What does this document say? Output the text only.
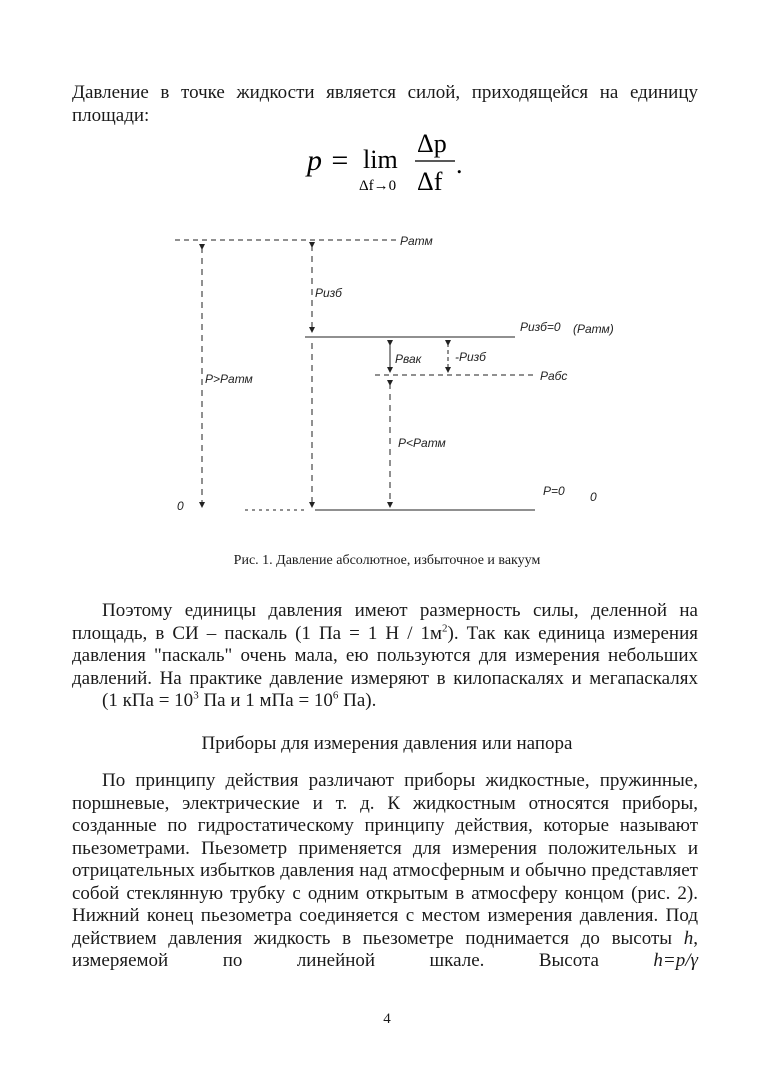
Давление в точке жидкости является силой, приходящейся на единицу площади:
p = lim
Δf→0
Δp
Δf
.
Pатм
Pизб
P>Pатм
Pизб=0 (Pатм)
Pвак	-Pизб
Pабс
P<Pатм
0
P=0 0
Рис. 1. Давление абсолютное, избыточное и вакуум
Поэтому единицы давления имеют размерность силы, деленной на площадь, в СИ – паскаль (1 Па = 1 Н / $1м^2$). Так как единица измерения давления "паскаль" очень мала, ею пользуются для измерения небольших давлений. На практике давление измеряют в килопаскалях и мегапаскалях
(1 кПа = $10^3$ Па и 1 мПа = $10^6$ Па).
Приборы для измерения давления или напора
По принципу действия различают приборы жидкостные, пружинные, поршневые, электрические и т. д. К жидкостным относятся приборы, созданные по гидростатическому принципу действия, которые называют пьезометрами. Пьезометр применяется для измерения положительных и отрицательных избытков давления над атмосферным и обычно представляет собой стеклянную трубку с одним открытым в атмосферу концом (рис. 2). Нижний конец пьезометра соединяется с местом измерения давления. Под действием давления жидкость в пьезометре поднимается до высоты h, измеряемой по линейной шкале. Высота h=p/γ
4
